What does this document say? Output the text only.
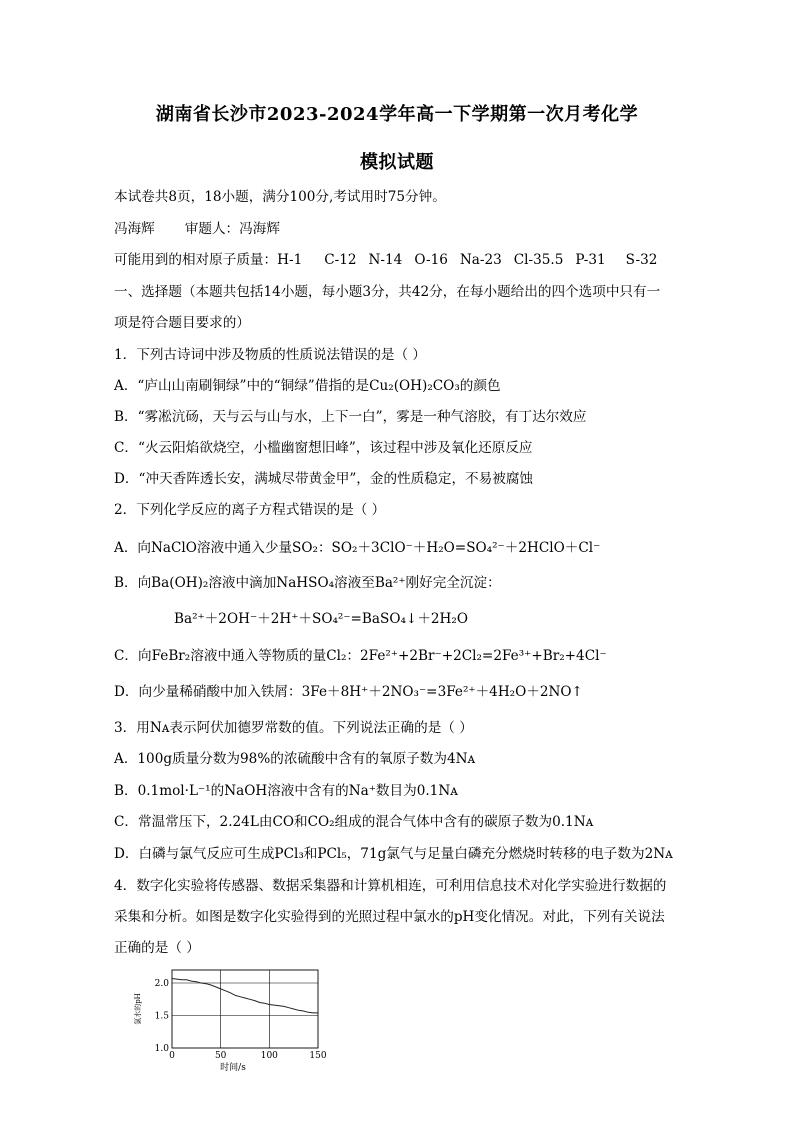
湖南省长沙市2023-2024学年高一下学期第一次月考化学
模拟试题
本试卷共8页，18小题，满分100分,考试用时75分钟。
冯海辉 审题人：冯海辉
可能用到的相对原子质量：H-1 C-12 N-14 O-16 Na-23 Cl-35.5 P-31 S-32
一、选择题（本题共包括14小题，每小题3分，共42分，在每小题给出的四个选项中只有一
项是符合题目要求的）
1．下列古诗词中涉及物质的性质说法错误的是（ ）
A．“庐山山南刷铜绿”中的“铜绿”借指的是Cu₂(OH)₂CO₃的颜色
B．“雾凇沆砀，天与云与山与水，上下一白”，雾是一种气溶胶，有丁达尔效应
C．“火云阳焰欲烧空，小槛幽窗想旧峰”，该过程中涉及氧化还原反应
D．“冲天香阵透长安，满城尽带黄金甲”，金的性质稳定，不易被腐蚀
2．下列化学反应的离子方程式错误的是（ ）
A．向NaClO溶液中通入少量SO₂：SO₂＋3ClO⁻＋H₂O=SO₄²⁻＋2HClO＋Cl⁻
B．向Ba(OH)₂溶液中滴加NaHSO₄溶液至Ba²⁺刚好完全沉淀：
Ba²⁺＋2OH⁻＋2H⁺＋SO₄²⁻=BaSO₄↓＋2H₂O
C．向FeBr₂溶液中通入等物质的量Cl₂：2Fe²⁺+2Br⁻+2Cl₂=2Fe³⁺+Br₂+4Cl⁻
D．向少量稀硝酸中加入铁屑：3Fe＋8H⁺＋2NO₃⁻=3Fe²⁺＋4H₂O＋2NO↑
3．用Nᴀ表示阿伏加德罗常数的值。下列说法正确的是（ ）
A．100g质量分数为98%的浓硫酸中含有的氧原子数为4Nᴀ
B．0.1mol·L⁻¹的NaOH溶液中含有的Na⁺数目为0.1Nᴀ
C．常温常压下，2.24L由CO和CO₂组成的混合气体中含有的碳原子数为0.1Nᴀ
D．白磷与氯气反应可生成PCl₃和PCl₅，71g氯气与足量白磷充分燃烧时转移的电子数为2Nᴀ
4．数字化实验将传感器、数据采集器和计算机相连，可利用信息技术对化学实验进行数据的
采集和分析。如图是数字化实验得到的光照过程中氯水的pH变化情况。对此，下列有关说法
正确的是（ ）
0	50	100	150
1.0
1.5
2.0
时间/s
氯水的pH
